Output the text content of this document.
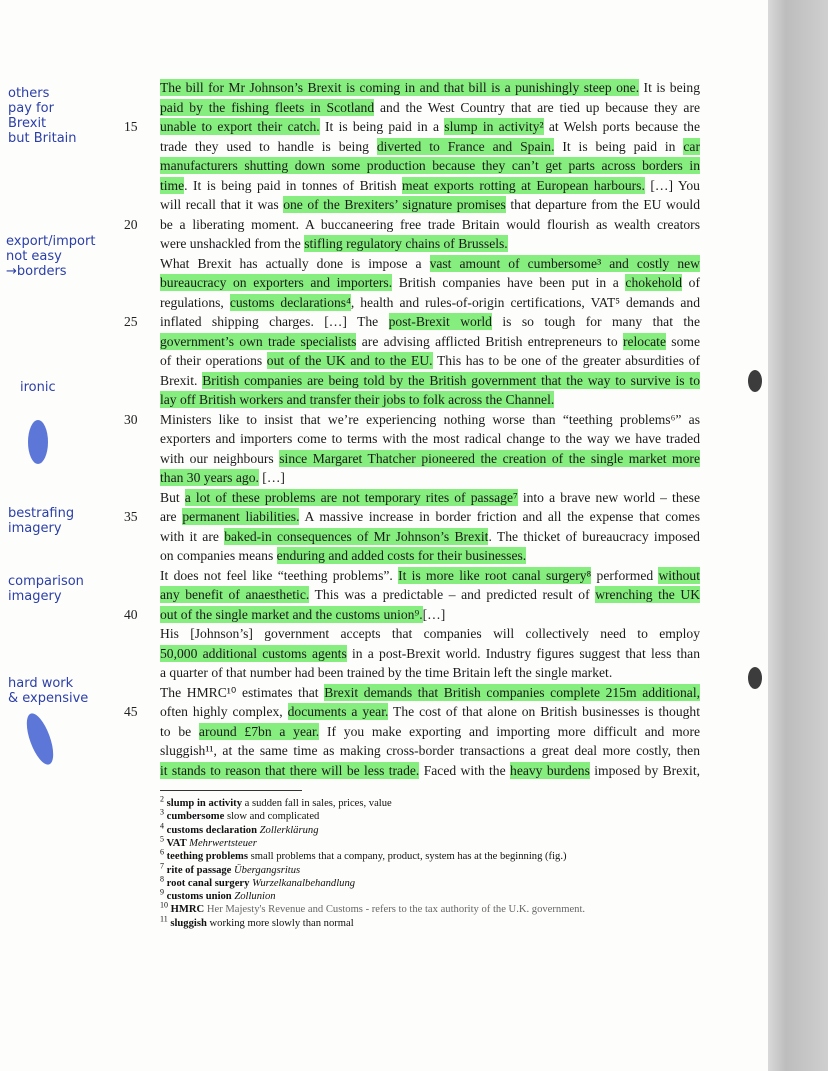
The bill for Mr Johnson’s Brexit is coming in and that bill is a punishingly steep one. It is being
paid by the fishing fleets in Scotland and the West Country that are tied up because they are
unable to export their catch. It is being paid in a slump in activity² at Welsh ports because the
trade they used to handle is being diverted to France and Spain. It is being paid in car
manufacturers shutting down some production because they can’t get parts across borders in
time. It is being paid in tonnes of British meat exports rotting at European harbours. […] You
will recall that it was one of the Brexiters’ signature promises that departure from the EU would
be a liberating moment. A buccaneering free trade Britain would flourish as wealth creators
were unshackled from the stifling regulatory chains of Brussels.
What Brexit has actually done is impose a vast amount of cumbersome³ and costly new
bureaucracy on exporters and importers. British companies have been put in a chokehold of
regulations, customs declarations⁴, health and rules-of-origin certifications, VAT⁵ demands and
inflated shipping charges. […] The post-Brexit world is so tough for many that the
government’s own trade specialists are advising afflicted British entrepreneurs to relocate some
of their operations out of the UK and to the EU. This has to be one of the greater absurdities of
Brexit. British companies are being told by the British government that the way to survive is to
lay off British workers and transfer their jobs to folk across the Channel.
Ministers like to insist that we’re experiencing nothing worse than “teething problems⁶” as
exporters and importers come to terms with the most radical change to the way we have traded
with our neighbours since Margaret Thatcher pioneered the creation of the single market more
than 30 years ago. […]
But a lot of these problems are not temporary rites of passage⁷ into a brave new world – these
are permanent liabilities. A massive increase in border friction and all the expense that comes
with it are baked-in consequences of Mr Johnson’s Brexit. The thicket of bureaucracy imposed
on companies means enduring and added costs for their businesses.
It does not feel like “teething problems”. It is more like root canal surgery⁸ performed without
any benefit of anaesthetic. This was a predictable – and predicted result of wrenching the UK
out of the single market and the customs union⁹.[…]
His [Johnson’s] government accepts that companies will collectively need to employ
50,000 additional customs agents in a post-Brexit world. Industry figures suggest that less than
a quarter of that number had been trained by the time Britain left the single market.
The HMRC¹⁰ estimates that Brexit demands that British companies complete 215m additional,
often highly complex, documents a year. The cost of that alone on British businesses is thought
to be around £7bn a year. If you make exporting and importing more difficult and more
sluggish¹¹, at the same time as making cross-border transactions a great deal more costly, then
it stands to reason that there will be less trade. Faced with the heavy burdens imposed by Brexit,
15
20
25
30
35
40
45
$^2$ slump in activity a sudden fall in sales, prices, value
$^3$ cumbersome slow and complicated
$^4$ customs declaration Zollerklärung
$^5$ VAT Mehrwertsteuer
$^6$ teething problems small problems that a company, product, system has at the beginning (fig.)
$^7$ rite of passage Übergangsritus
$^8$ root canal surgery Wurzelkanalbehandlung
$^9$ customs union Zollunion
$^{10}$ HMRC Her Majesty's Revenue and Customs - refers to the tax authority of the U.K. government.
$^{11}$ sluggish working more slowly than normal
others
pay for
Brexit
but Britain
export/import
not easy
→borders
ironic
bestrafing
imagery
comparison
imagery
hard work
& expensive
